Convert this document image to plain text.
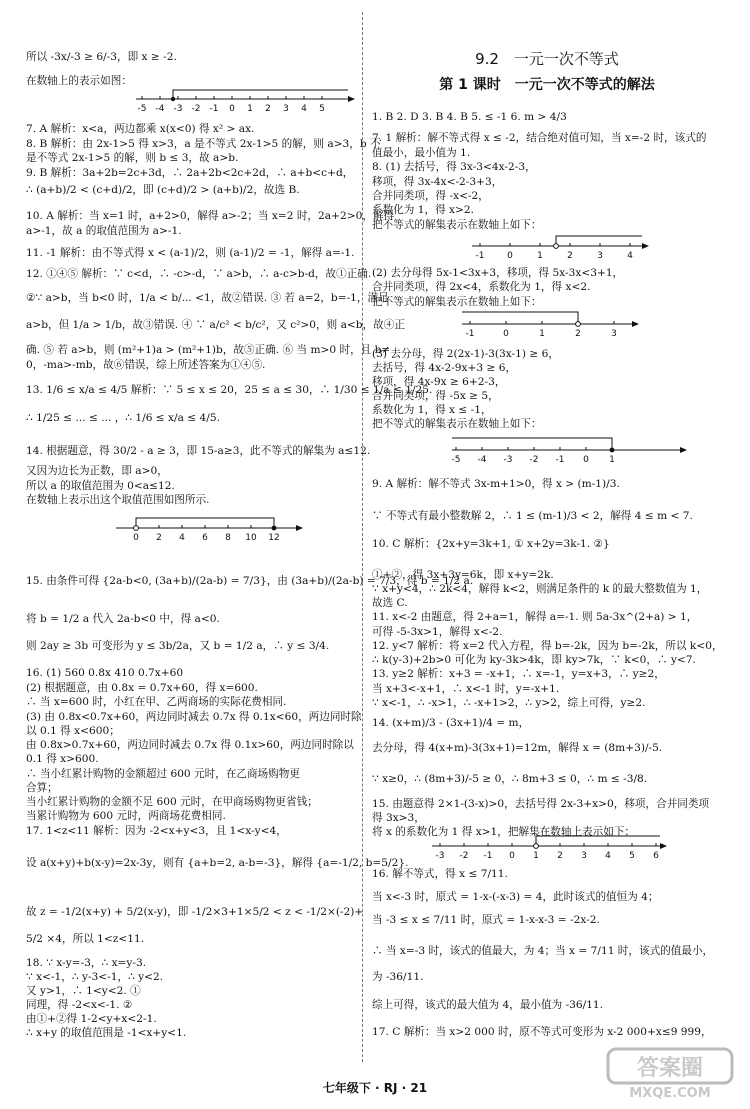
所以 -3x/-3 ≥ 6/-3，即 x ≥ -2.
在数轴上的表示如图：
-5 -4 -3 -2 -1 0 1 2 3 4 5
7. A 解析：x<a，两边都乘 x(x<0) 得 x² > ax.
8. B 解析：由 2x-1>5 得 x>3，a 是不等式 2x-1>5 的解，则 a>3，b 不
是不等式 2x-1>5 的解，则 b ≤ 3，故 a>b.
9. B 解析：3a+2b=2c+3d，∴ 2a+2b<2c+2d，∴ a+b<c+d，
∴ (a+b)/2 < (c+d)/2，即 (c+d)/2 > (a+b)/2，故选 B.
10. A 解析：当 x=1 时，a+2>0，解得 a>-2；当 x=2 时，2a+2>0，解得
a>-1，故 a 的取值范围为 a>-1.
11. -1 解析：由不等式得 x < (a-1)/2，则 (a-1)/2 = -1，解得 a=-1.
12. ①④⑤ 解析：∵ c<d，∴ -c>-d，∵ a>b，∴ a-c>b-d，故①正确.
②∵ a>b，当 b<0 时，1/a < b/... <1，故②错误. ③ 若 a=2，b=-1，满足
a>b，但 1/a > 1/b，故③错误. ④ ∵ a/c² < b/c²，又 c²>0，则 a<b，故④正
确. ⑤ 若 a>b，则 (m²+1)a > (m²+1)b，故⑤正确. ⑥ 当 m>0 时，且 b≠
0，-ma>-mb，故⑥错误，综上所述答案为①④⑤.
13. 1/6 ≤ x/a ≤ 4/5 解析：∵ 5 ≤ x ≤ 20，25 ≤ a ≤ 30，∴ 1/30 ≤ 1/a ≤ 1/25.
∴ 1/25 ≤ ... ≤ ... ，∴ 1/6 ≤ x/a ≤ 4/5.
14. 根据题意，得 30/2 - a ≥ 3，即 15-a≥3，此不等式的解集为 a≤12.
又因为边长为正数，即 a>0，
所以 a 的取值范围为 0<a≤12.
在数轴上表示出这个取值范围如图所示.
0 2 4 6 8 10 12
15. 由条件可得 {2a-b<0, (3a+b)/(2a-b) = 7/3}，由 (3a+b)/(2a-b) = 7/3，得 b = 1/2 a.
将 b = 1/2 a 代入 2a-b<0 中，得 a<0.
则 2ay ≥ 3b 可变形为 y ≤ 3b/2a，又 b = 1/2 a，∴ y ≤ 3/4.
16. (1) 560 0.8x 410 0.7x+60
(2) 根据题意，由 0.8x = 0.7x+60，得 x=600.
∴ 当 x=600 时，小红在甲、乙两商场的实际花费相同.
(3) 由 0.8x<0.7x+60，两边同时减去 0.7x 得 0.1x<60，两边同时除
以 0.1 得 x<600；
由 0.8x>0.7x+60，两边同时减去 0.7x 得 0.1x>60，两边同时除以
0.1 得 x>600.
∴ 当小红累计购物的金额超过 600 元时，在乙商场购物更
合算；
当小红累计购物的金额不足 600 元时，在甲商场购物更省钱；
当累计购物为 600 元时，两商场花费相同.
17. 1<z<11 解析：因为 -2<x+y<3，且 1<x-y<4，
设 a(x+y)+b(x-y)=2x-3y，则有 {a+b=2, a-b=-3}，解得 {a=-1/2, b=5/2}.
故 z = -1/2(x+y) + 5/2(x-y)，即 -1/2×3+1×5/2 < z < -1/2×(-2)+
5/2 ×4，所以 1<z<11.
18. ∵ x-y=-3，∴ x=y-3.
∵ x<-1，∴ y-3<-1，∴ y<2.
又 y>1，∴ 1<y<2. ①
同理，得 -2<x<-1. ②
由①+②得 1-2<y+x<2-1.
∴ x+y 的取值范围是 -1<x+y<1.
9.2　一元一次不等式
第 1 课时　一元一次不等式的解法
1. B 2. D 3. B 4. B 5. ≤ -1 6. m > 4/3
7. 1 解析：解不等式得 x ≤ -2，结合绝对值可知，当 x=-2 时，该式的
值最小，最小值为 1.
8. (1) 去括号，得 3x-3<4x-2-3，
移项，得 3x-4x<-2-3+3，
合并同类项，得 -x<-2，
系数化为 1，得 x>2.
把不等式的解集表示在数轴上如下：
-1	0	1	2	3	4
(2) 去分母得 5x-1<3x+3，移项，得 5x-3x<3+1，
合并同类项，得 2x<4，系数化为 1，得 x<2.
把不等式的解集表示在数轴上如下：
-1	0	1	2	3
(3) 去分母，得 2(2x-1)-3(3x-1) ≥ 6，
去括号，得 4x-2-9x+3 ≥ 6，
移项，得 4x-9x ≥ 6+2-3，
合并同类项，得 -5x ≥ 5，
系数化为 1，得 x ≤ -1，
把不等式的解集表示在数轴上如下：
-5 -4 -3 -2 -1 0 1
9. A 解析：解不等式 3x-m+1>0，得 x > (m-1)/3.
∵ 不等式有最小整数解 2，∴ 1 ≤ (m-1)/3 < 2，解得 4 ≤ m < 7.
10. C 解析：{2x+y=3k+1, ① x+2y=3k-1. ②}
①+②，得 3x+3y=6k，即 x+y=2k.
∵ x+y<4，∴ 2k<4，解得 k<2，则满足条件的 k 的最大整数值为 1，
故选 C.
11. x<-2 由题意，得 2+a=1，解得 a=-1. 则 5a-3x^(2+a) > 1，
可得 -5-3x>1，解得 x<-2.
12. y<7 解析：将 x=2 代入方程，得 b=-2k，因为 b=-2k，所以 k<0，
∴ k(y-3)+2b>0 可化为 ky-3k>4k，即 ky>7k，∵ k<0，∴ y<7.
13. y≥2 解析：x+3 = -x+1，∴ x=-1，y=x+3，∴ y≥2，
当 x+3<-x+1，∴ x<-1 时，y=-x+1.
∵ x<-1，∴ -x>1，∴ -x+1>2，∴ y>2，综上可得，y≥2.
14. (x+m)/3 - (3x+1)/4 = m，
去分母，得 4(x+m)-3(3x+1)=12m，解得 x = (8m+3)/-5.
∵ x≥0，∴ (8m+3)/-5 ≥ 0，∴ 8m+3 ≤ 0，∴ m ≤ -3/8.
15. 由题意得 2×1-(3-x)>0，去括号得 2x-3+x>0，移项，合并同类项
得 3x>3，
将 x 的系数化为 1 得 x>1，把解集在数轴上表示如下：
-3 -2 -1 0 1 2 3 4 5 6
16. 解不等式，得 x ≤ 7/11.
当 x<-3 时，原式 = 1-x-(-x-3) = 4，此时该式的值恒为 4；
当 -3 ≤ x ≤ 7/11 时，原式 = 1-x-x-3 = -2x-2.
∴ 当 x=-3 时，该式的值最大，为 4；当 x = 7/11 时，该式的值最小，
为 -36/11.
综上可得，该式的最大值为 4，最小值为 -36/11.
17. C 解析：当 x>2 000 时，原不等式可变形为 x-2 000+x≤9 999，
七年级下 · RJ · 21
答案圈
MXQE.COM
